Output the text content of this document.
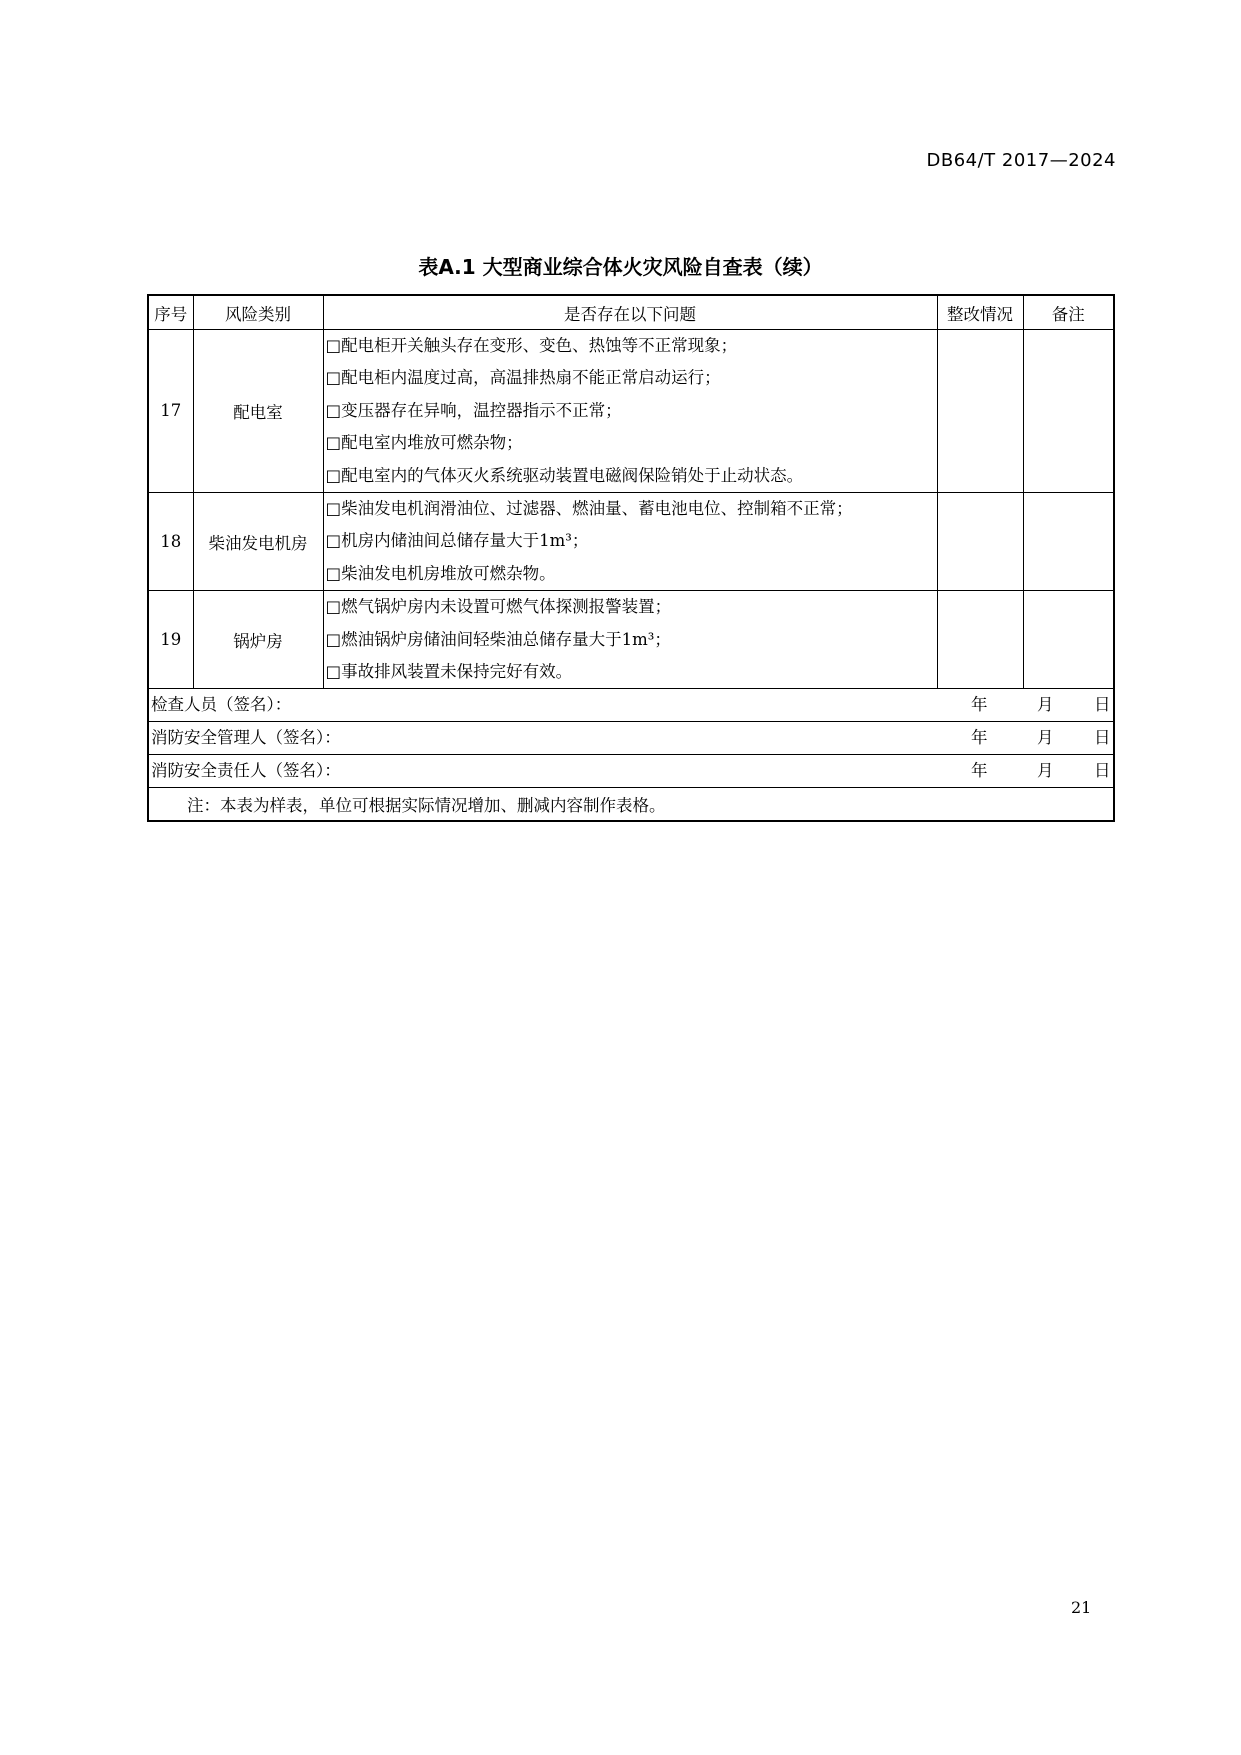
DB64/T 2017—2024
表A.1 大型商业综合体火灾风险自查表（续）
序号	风险类别	是否存在以下问题	整改情况	备注
17	配电室	□配电柜开关触头存在变形、变色、热蚀等不正常现象；
□配电柜内温度过高，高温排热扇不能正常启动运行；
□变压器存在异响，温控器指示不正常；
□配电室内堆放可燃杂物；
□配电室内的气体灭火系统驱动装置电磁阀保险销处于止动状态。		

18	柴油发电机房	□柴油发电机润滑油位、过滤器、燃油量、蓄电池电位、控制箱不正常；
□机房内储油间总储存量大于1m³；
□柴油发电机房堆放可燃杂物。		

19	锅炉房	□燃气锅炉房内未设置可燃气体探测报警装置；
□燃油锅炉房储油间轻柴油总储存量大于1m³；
□事故排风装置未保持完好有效。		

检查人员（签名）： 年 月 日				

消防安全管理人（签名）： 年 月 日				

消防安全责任人（签名）： 年 月 日				

注：本表为样表，单位可根据实际情况增加、删减内容制作表格。				
21
